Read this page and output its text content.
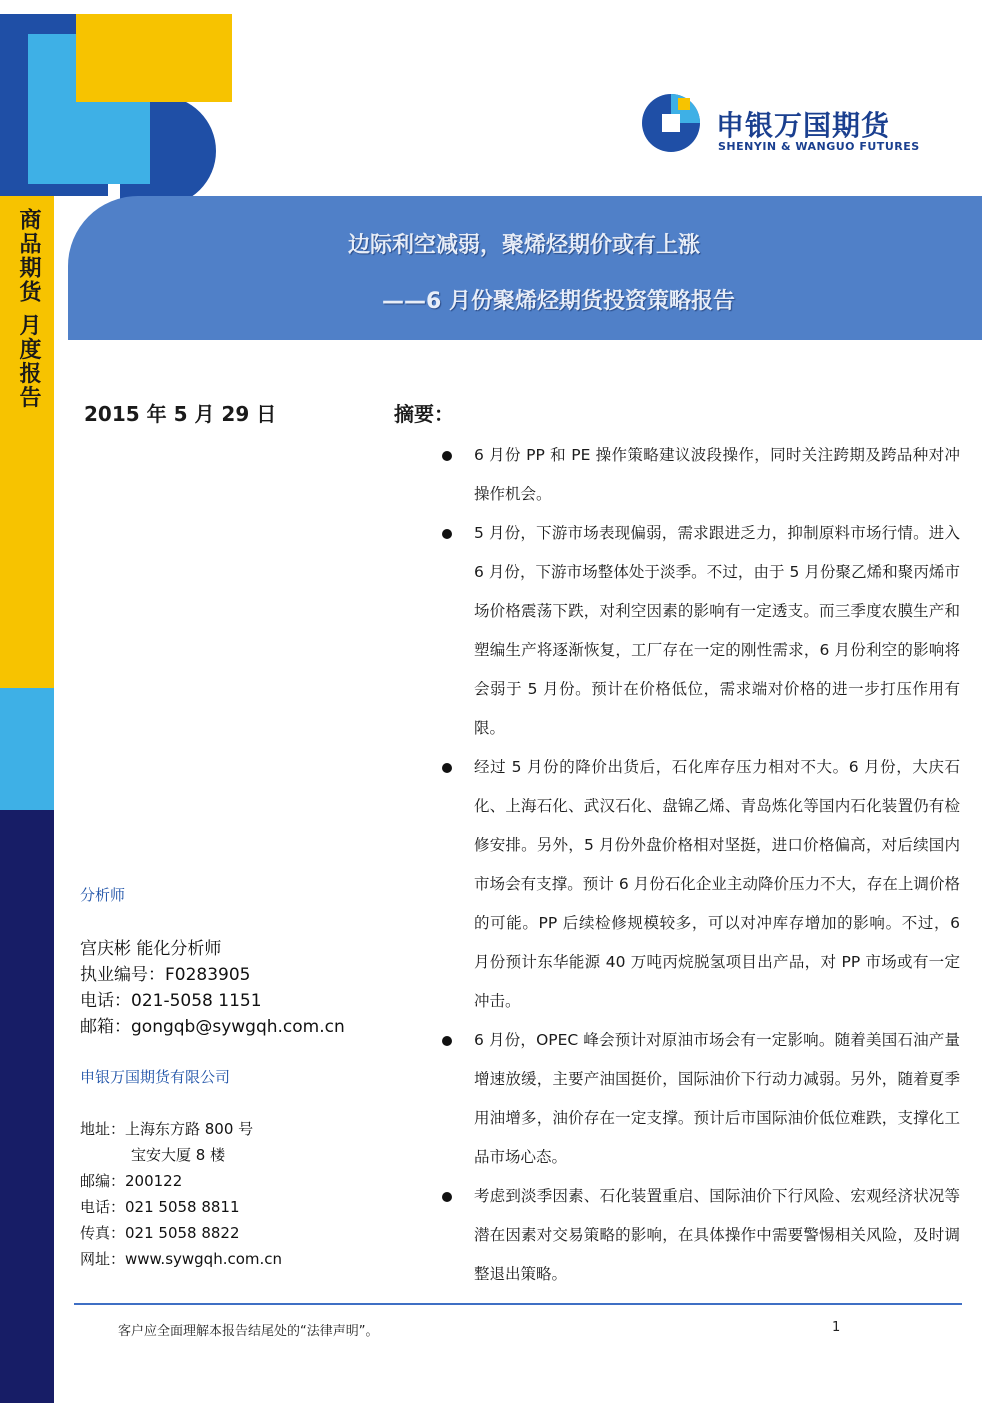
申银万国期货
SHENYIN & WANGUO FUTURES
商品期货 月度报告	边际利空减弱，聚烯烃期价或有上涨
——6 月份聚烯烃期货投资策略报告
2015 年 5 月 29 日	摘要：
6 月份 PP 和 PE 操作策略建议波段操作，同时关注跨期及跨品种对冲操作机会。
5 月份，下游市场表现偏弱，需求跟进乏力，抑制原料市场行情。进入 6 月份，下游市场整体处于淡季。不过，由于 5 月份聚乙烯和聚丙烯市场价格震荡下跌，对利空因素的影响有一定透支。而三季度农膜生产和塑编生产将逐渐恢复，工厂存在一定的刚性需求，6 月份利空的影响将会弱于 5 月份。预计在价格低位，需求端对价格的进一步打压作用有限。
经过 5 月份的降价出货后，石化库存压力相对不大。6 月份，大庆石化、上海石化、武汉石化、盘锦乙烯、青岛炼化等国内石化装置仍有检修安排。另外，5 月份外盘价格相对坚挺，进口价格偏高，对后续国内市场会有支撑。预计 6 月份石化企业主动降价压力不大，存在上调价格的可能。PP 后续检修规模较多，可以对冲库存增加的影响。不过，6 月份预计东华能源 40 万吨丙烷脱氢项目出产品，对 PP 市场或有一定冲击。
6 月份，OPEC 峰会预计对原油市场会有一定影响。随着美国石油产量增速放缓，主要产油国挺价，国际油价下行动力减弱。另外，随着夏季用油增多，油价存在一定支撑。预计后市国际油价低位难跌，支撑化工品市场心态。
考虑到淡季因素、石化装置重启、国际油价下行风险、宏观经济状况等潜在因素对交易策略的影响，在具体操作中需要警惕相关风险，及时调整退出策略。
分析师
宫庆彬 能化分析师
执业编号：F0283905
电话：021-5058 1151
邮箱：gongqb@sywgqh.com.cn
申银万国期货有限公司
地址：上海东方路 800 号
宝安大厦 8 楼
邮编：200122
电话：021 5058 8811
传真：021 5058 8822
网址：www.sywgqh.com.cn
客户应全面理解本报告结尾处的“法律声明”。	1
